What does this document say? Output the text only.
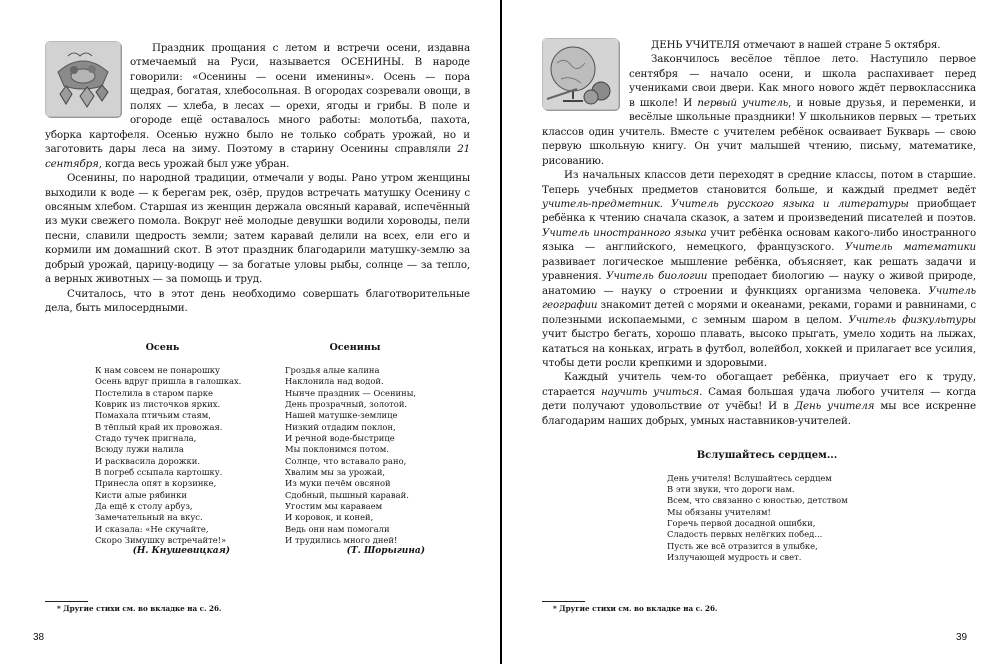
Праздник прощания с летом и встречи осени, издавна отмечаемый на Руси, называется ОСЕНИНЫ. В народе говорили: «Осенины — осени именины». Осень — пора щедрая, богатая, хлебосольная. В огородах созревали овощи, в полях — хлеба, в лесах — орехи, ягоды и грибы. В поле и огороде ещё оставалось много работы: молотьба, пахота, уборка картофеля. Осенью нужно было не только собрать урожай, но и заготовить дары леса на зиму. Поэтому в старину Осенины справляли 21 сентября, когда весь урожай был уже убран.

Осенины, по народной традиции, отмечали у воды. Рано утром женщины выходили к воде — к берегам рек, озёр, прудов встречать матушку Осенину с овсяным хлебом. Старшая из женщин держала овсяный каравай, испечённый из муки свежего помола. Вокруг неё молодые девушки водили хороводы, пели песни, славили щедрость земли; затем каравай делили на всех, ели его и кормили им домашний скот. В этот праздник благодарили матушку-землю за добрый урожай, царицу-водицу — за богатые уловы рыбы, солнце — за тепло, а верных животных — за помощь и труд.

Считалось, что в этот день необходимо совершать благотворительные дела, быть милосердными.

Осень
К нам совсем не понарошку
Осень вдруг пришла в галошках.
Постелила в старом парке
Коврик из листочков ярких.
Помахала птичьим стаям,
В тёплый край их провожая.
Стадо тучек пригнала,
Всюду лужи налила
И расквасила дорожки.
В погреб ссыпала картошку.
Принесла опят в корзинке,
Кисти алые рябинки
Да ещё к столу арбуз,
Замечательный на вкус.
И сказала: «Не скучайте,
Скоро Зимушку встречайте!»
(Н. Кнушевицкая)
Осенины
Гроздья алые калина
Наклонила над водой.
Нынче праздник — Осенины,
День прозрачный, золотой.
Нашей матушке-землице
Низкий отдадим поклон,
И речной воде-быстрице
Мы поклонимся потом.
Солнце, что вставало рано,
Хвалим мы за урожай,
Из муки печём овсяной
Сдобный, пышный каравай.
Угостим мы караваем
И коровок, и коней,
Ведь они нам помогали
И трудились много дней!
(Т. Шорыгина)
* Другие стихи см. во вкладке на с. 26.
38

ДЕНЬ УЧИТЕЛЯ отмечают в нашей стране 5 октября.

Закончилось весёлое тёплое лето. Наступило первое сентября — начало осени, и школа распахивает перед учениками свои двери. Как много нового ждёт первоклассника в школе! И первый учитель, и новые друзья, и переменки, и весёлые школьные праздники! У школьников первых — третьих классов один учитель. Вместе с учителем ребёнок осваивает Букварь — свою первую школьную книгу. Он учит малышей чтению, письму, математике, рисованию.

Из начальных классов дети переходят в средние классы, потом в старшие. Теперь учебных предметов становится больше, и каждый предмет ведёт учитель-предметник. Учитель русского языка и литературы приобщает ребёнка к чтению сначала сказок, а затем и произведений писателей и поэтов. Учитель иностранного языка учит ребёнка основам какого-либо иностранного языка — английского, немецкого, французского. Учитель математики развивает логическое мышление ребёнка, объясняет, как решать задачи и уравнения. Учитель биологии преподает биологию — науку о живой природе, анатомию — науку о строении и функциях организма человека. Учитель географии знакомит детей с морями и океанами, реками, горами и равнинами, с полезными ископаемыми, с земным шаром в целом. Учитель физкультуры учит быстро бегать, хорошо плавать, высоко прыгать, умело ходить на лыжах, кататься на коньках, играть в футбол, волейбол, хоккей и прилагает все усилия, чтобы дети росли крепкими и здоровыми.

Каждый учитель чем-то обогащает ребёнка, приучает его к труду, старается научить учиться. Самая большая удача любого учителя — когда дети получают удовольствие от учёбы! И в День учителя мы все искренне благодарим наших добрых, умных наставников-учителей.

Вслушайтесь сердцем...
День учителя! Вслушайтесь сердцем
В эти звуки, что дороги нам.
Всем, что связанно с юностью, детством
Мы обязаны учителям!
Горечь первой досадной ошибки,
Сладость первых нелёгких побед...
Пусть же всё отразится в улыбке,
Излучающей мудрость и свет.
* Другие стихи см. во вкладке на с. 26.
39
